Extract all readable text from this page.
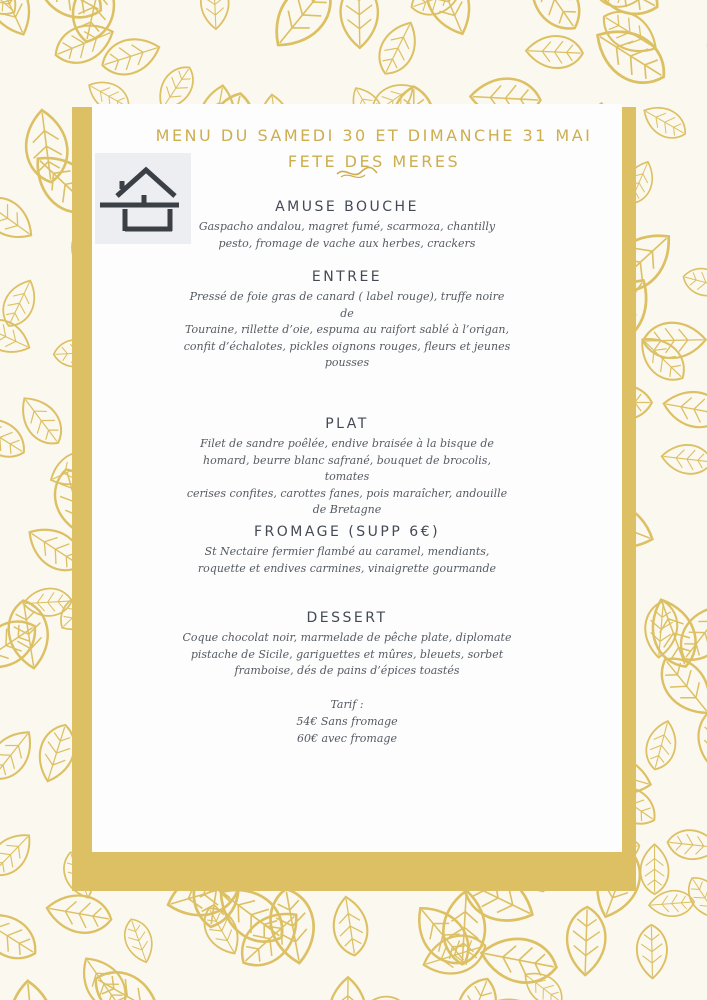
MENU DU SAMEDI 30 ET DIMANCHE 31 MAI
FETE DES MERES
AMUSE BOUCHE
Gaspacho andalou, magret fumé, scarmoza, chantilly
pesto, fromage de vache aux herbes, crackers
ENTREE
Pressé de foie gras de canard ( label rouge), truffe noire de
Touraine, rillette d’oie, espuma au raifort sablé à l’origan,
confit d’échalotes, pickles oignons rouges, fleurs et jeunes
pousses
PLAT
Filet de sandre poêlée, endive braisée à la bisque de
homard, beurre blanc safrané, bouquet de brocolis, tomates
cerises confites, carottes fanes, pois maraîcher, andouille
de Bretagne
FROMAGE (SUPP 6€)
St Nectaire fermier flambé au caramel, mendiants,
roquette et endives carmines, vinaigrette gourmande
DESSERT
Coque chocolat noir, marmelade de pêche plate, diplomate
pistache de Sicile, gariguettes et mûres, bleuets, sorbet
framboise, dés de pains d’épices toastés
Tarif :
54€ Sans fromage
60€ avec fromage
